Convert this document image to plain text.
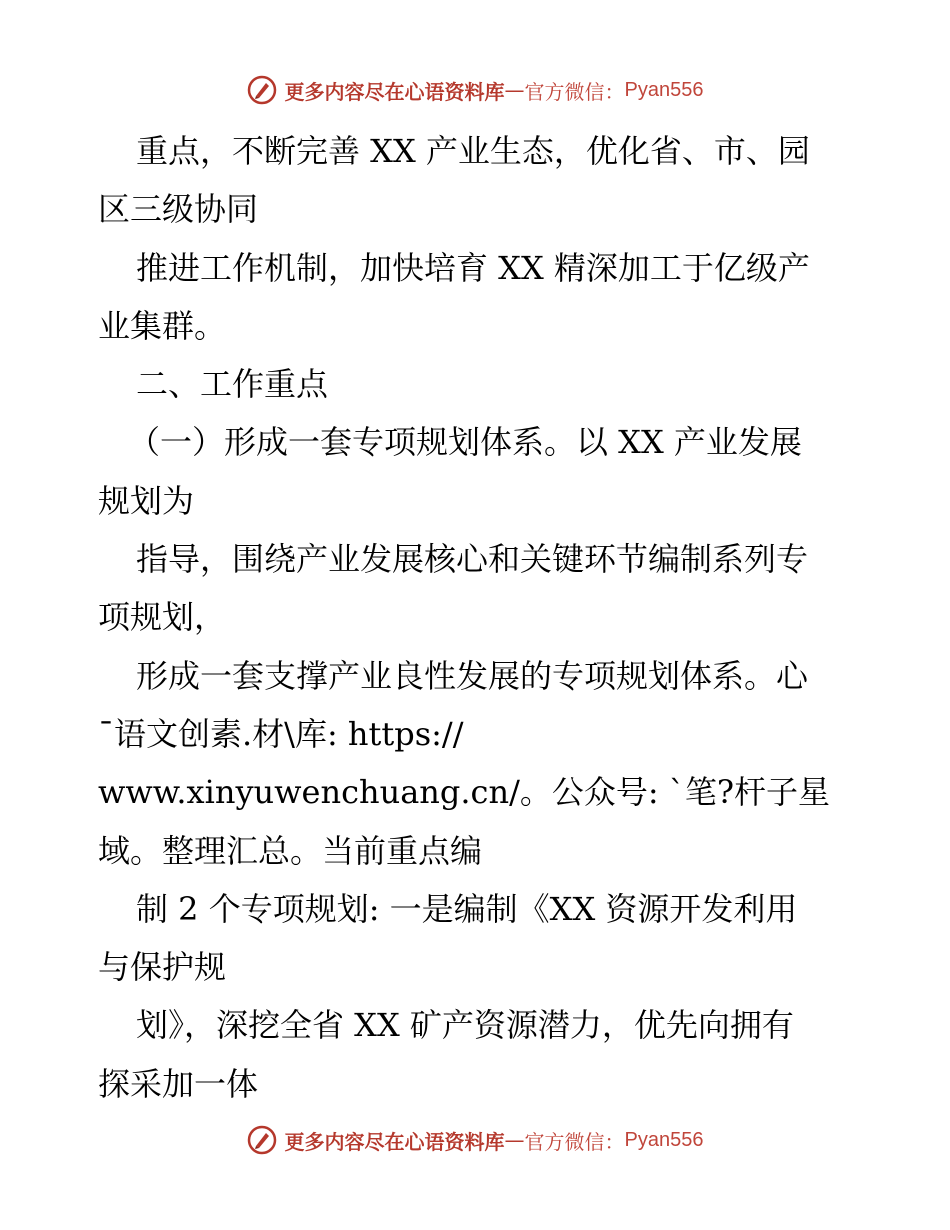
更多内容尽在心语资料库 — 官方微信： Pyan556
重点，不断完善 XX 产业生态，优化省、市、园
区三级协同
推进工作机制，加快培育 XX 精深加工于亿级产
业集群。
二、工作重点
（一）形成一套专项规划体系。以 XX 产业发展
规划为
指导，围绕产业发展核心和关键环节编制系列专
项规划，
形成一套支撑产业良性发展的专项规划体系。心
¯语文创素.材\库: https://
www.xinyuwenchuang.cn/。公众号: `笔?杆子星
域。整理汇总。当前重点编
制 2 个专项规划: 一是编制《XX 资源开发利用
与保护规
划》，深挖全省 XX 矿产资源潜力，优先向拥有
探采加一体
更多内容尽在心语资料库 — 官方微信： Pyan556
